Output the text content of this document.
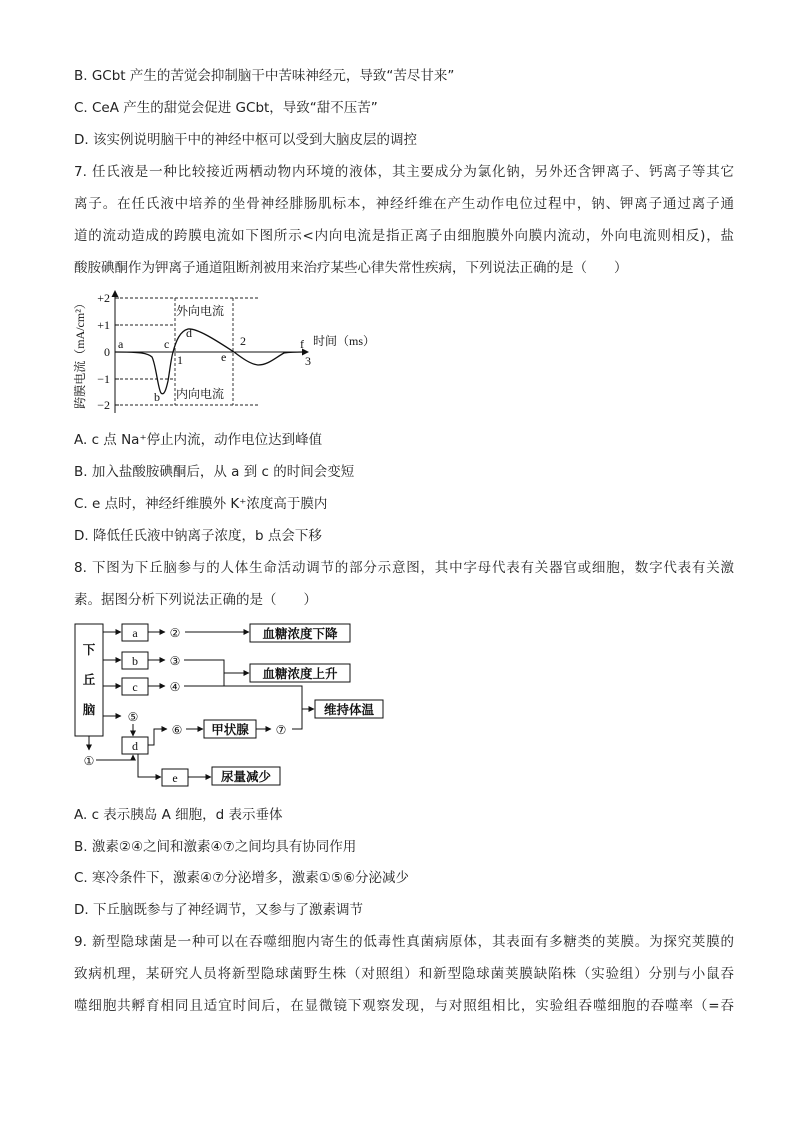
B. GCbt 产生的苦觉会抑制脑干中苦味神经元，导致“苦尽甘来”
C. CeA 产生的甜觉会促进 GCbt，导致“甜不压苦”
D. 该实例说明脑干中的神经中枢可以受到大脑皮层的调控
7. 任氏液是一种比较接近两栖动物内环境的液体，其主要成分为氯化钠，另外还含钾离子、钙离子等其它
离子。在任氏液中培养的坐骨神经腓肠肌标本，神经纤维在产生动作电位过程中，钠、钾离子通过离子通
道的流动造成的跨膜电流如下图所示<内向电流是指正离子由细胞膜外向膜内流动，外向电流则相反)，盐
酸胺碘酮作为钾离子通道阻断剂被用来治疗某些心律失常性疾病，下列说法正确的是（　　）
跨膜电流（mA/cm²） +2
+1
0
−1
−2
外向电流
内向电流
时间（ms）
a
b
c
d
e
f
1
2
3
A. c 点 Na⁺停止内流，动作电位达到峰值
B. 加入盐酸胺碘酮后，从 a 到 c 的时间会变短
C. e 点时，神经纤维膜外 K⁺浓度高于膜内
D. 降低任氏液中钠离子浓度，b 点会下移
8. 下图为下丘脑参与的人体生命活动调节的部分示意图，其中字母代表有关器官或细胞，数字代表有关激
素。据图分析下列说法正确的是（　　）
下
丘
脑
a
b
c
d
e
②
③
④
⑤
⑥	⑦
①
血糖浓度下降
血糖浓度上升
维持体温
甲状腺
尿量减少
A. c 表示胰岛 A 细胞，d 表示垂体
B. 激素②④之间和激素④⑦之间均具有协同作用
C. 寒冷条件下，激素④⑦分泌增多，激素①⑤⑥分泌减少
D. 下丘脑既参与了神经调节，又参与了激素调节
9. 新型隐球菌是一种可以在吞噬细胞内寄生的低毒性真菌病原体，其表面有多糖类的荚膜。为探究荚膜的
致病机理，某研究人员将新型隐球菌野生株（对照组）和新型隐球菌荚膜缺陷株（实验组）分别与小鼠吞
噬细胞共孵育相同且适宜时间后，在显微镜下观察发现，与对照组相比，实验组吞噬细胞的吞噬率（=吞
